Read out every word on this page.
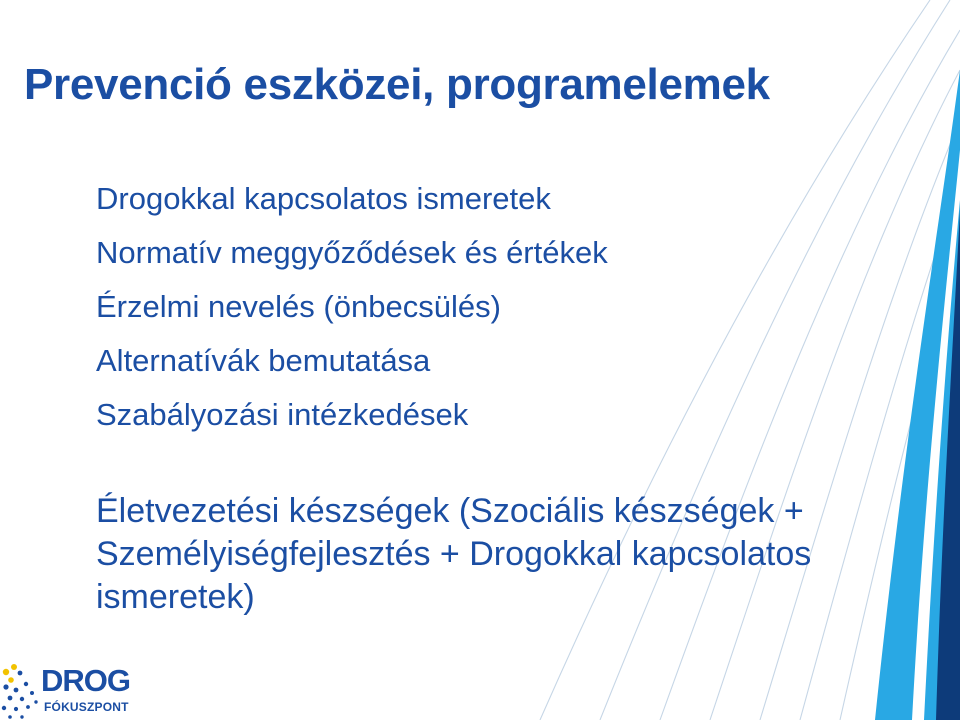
Prevenció eszközei, programelemek
Drogokkal kapcsolatos ismeretek
Normatív meggyőződések és értékek
Érzelmi nevelés (önbecsülés)
Alternatívák bemutatása
Szabályozási intézkedések

Életvezetési készségek (Szociális készségek + Személyiségfejlesztés + Drogokkal kapcsolatos ismeretek)

DROG

FÓKUSZPONT
